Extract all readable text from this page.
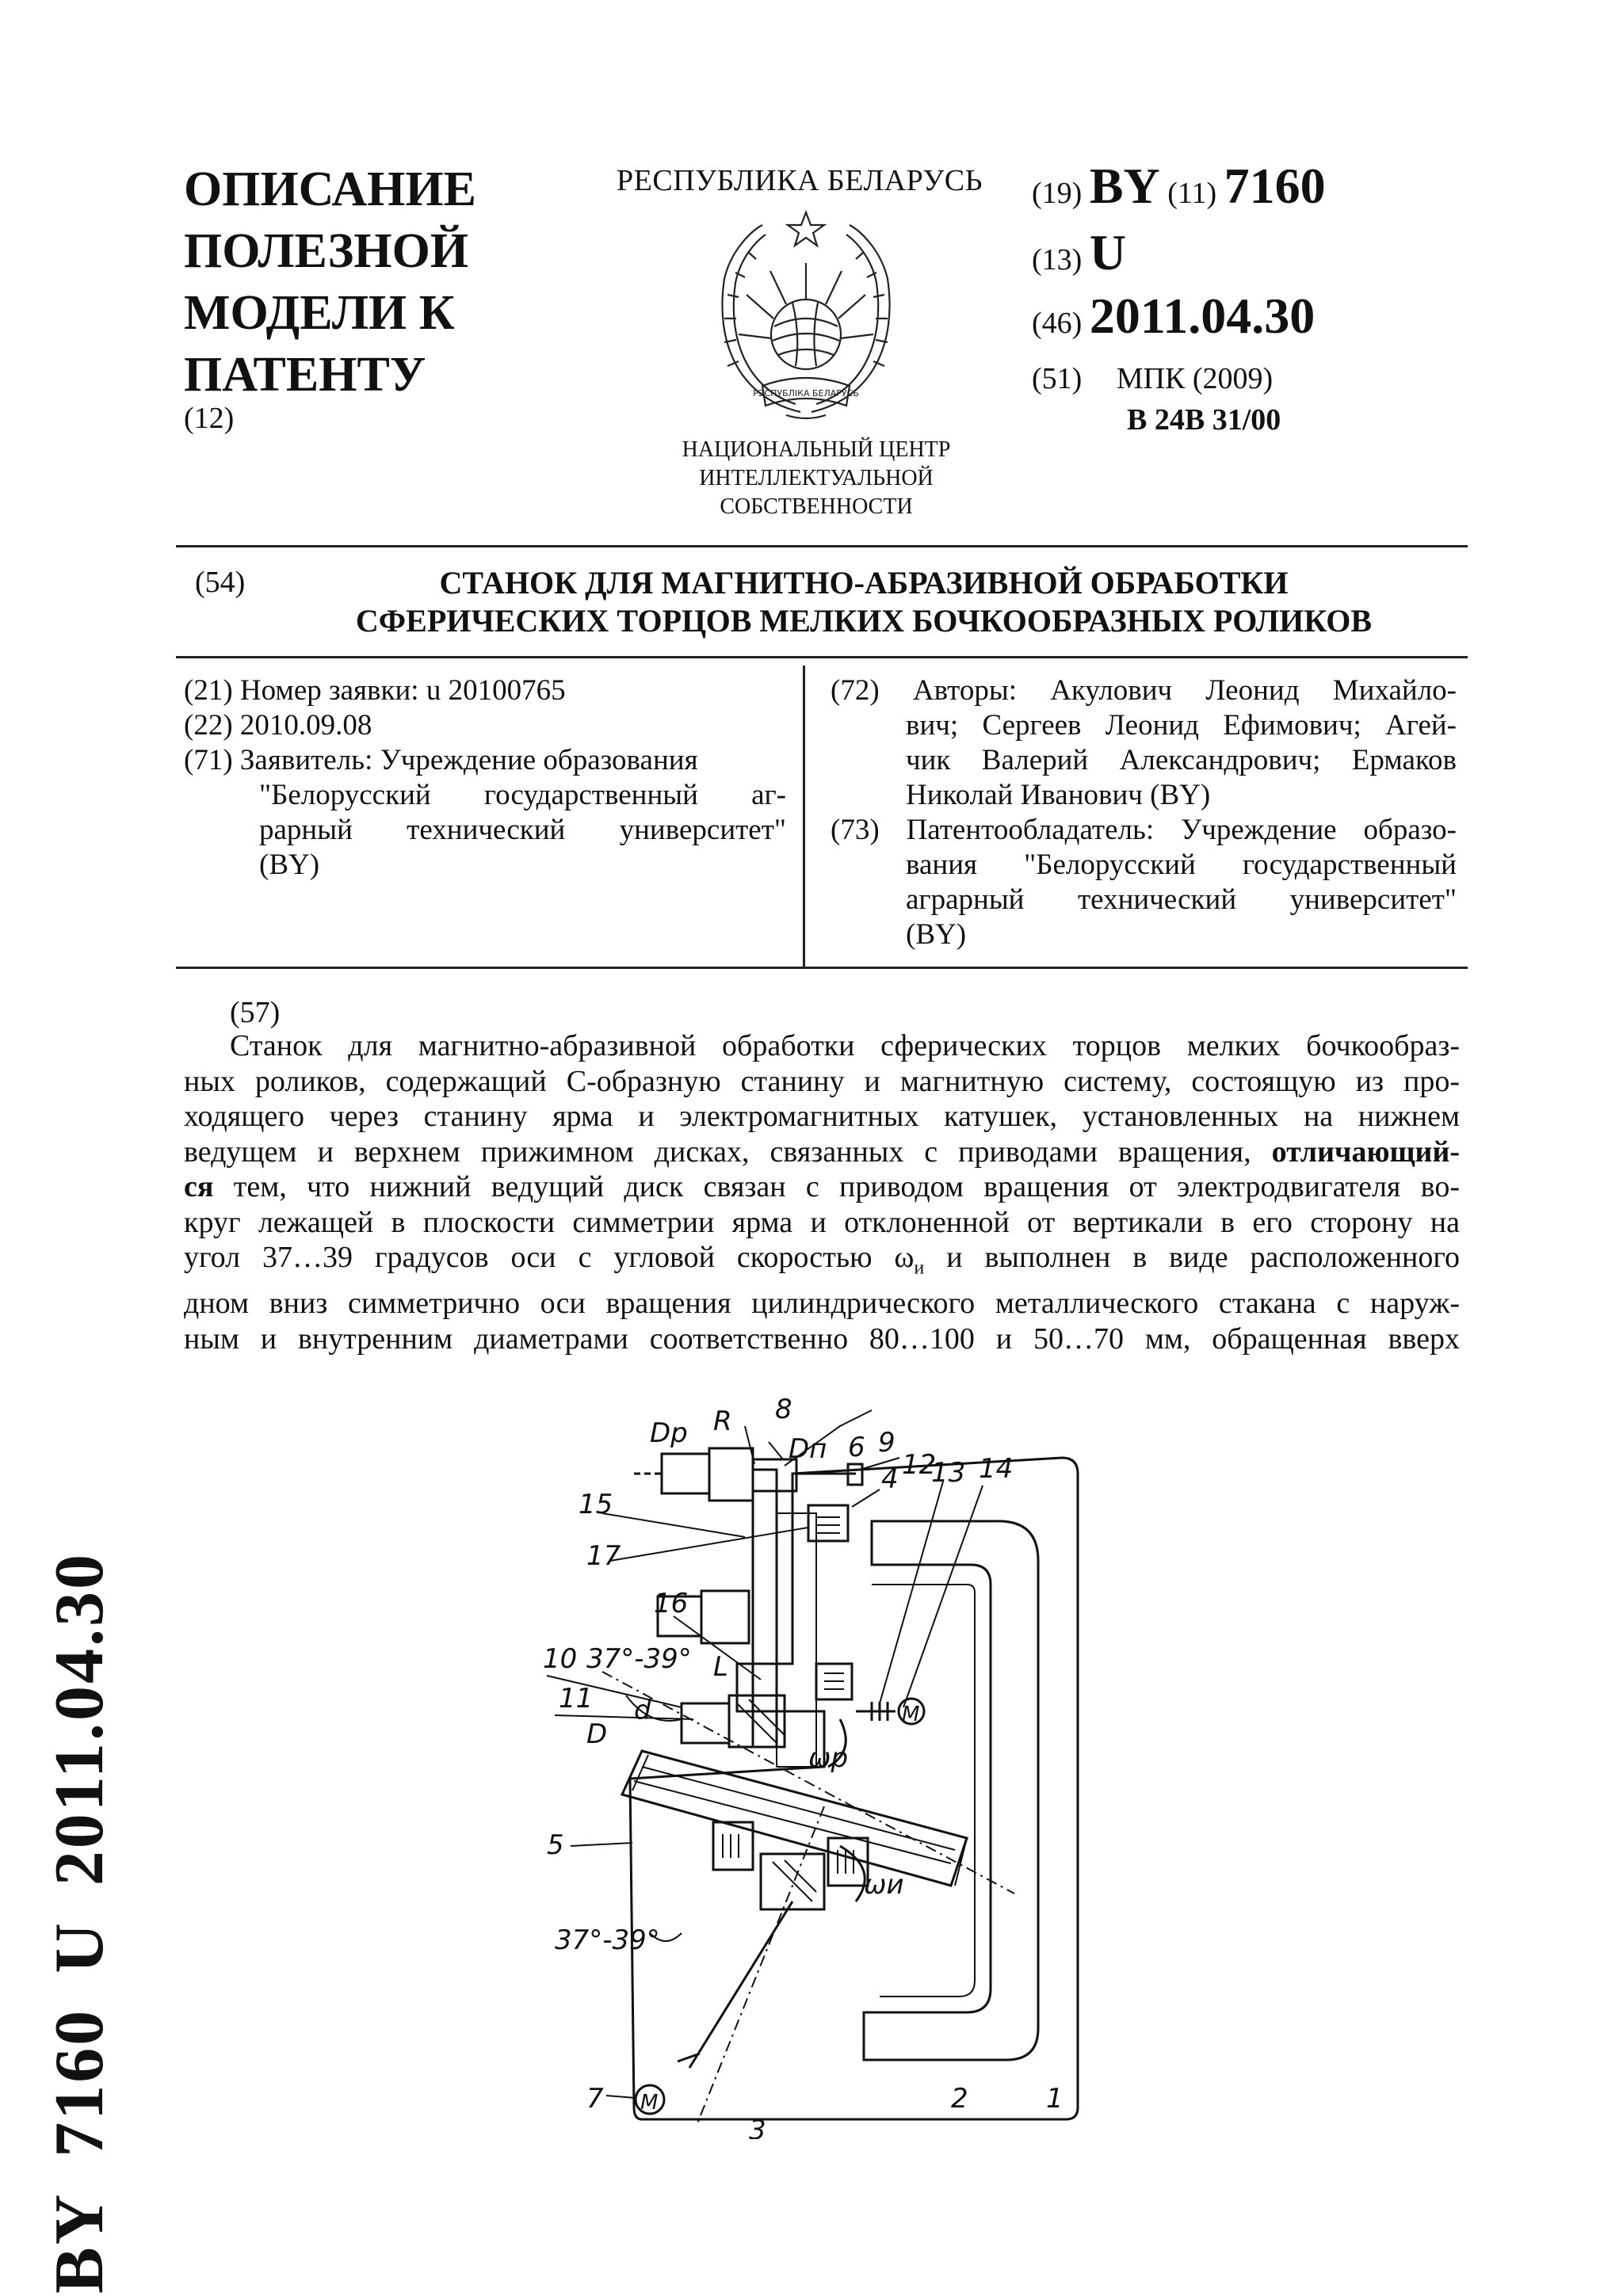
ОПИСАНИЕ
ПОЛЕЗНОЙ
МОДЕЛИ К
ПАТЕНТУ
(12)
РЕСПУБЛИКА БЕЛАРУСЬ
РЭСПУБЛІКА БЕЛАРУСЬ
НАЦИОНАЛЬНЫЙ ЦЕНТР
ИНТЕЛЛЕКТУАЛЬНОЙ
СОБСТВЕННОСТИ
(19) BY (11) 7160
(13) U
(46) 2011.04.30
(51) МПК (2009)
B 24B 31/00
(54)	СТАНОК ДЛЯ МАГНИТНО-АБРАЗИВНОЙ ОБРАБОТКИ
СФЕРИЧЕСКИХ ТОРЦОВ МЕЛКИХ БОЧКООБРАЗНЫХ РОЛИКОВ
(21) Номер заявки: u 20100765
(22) 2010.09.08
(71) Заявитель: Учреждение образования
"Белорусский государственный аг-
рарный технический университет"
(BY)
(72) Авторы: Акулович Леонид Михайло-
вич; Сергеев Леонид Ефимович; Агей-
чик Валерий Александрович; Ермаков
Николай Иванович (BY)
(73) Патентообладатель: Учреждение образо-
вания "Белорусский государственный
аграрный технический университет"
(BY)
(57)
Станок для магнитно-абразивной обработки сферических торцов мелких бочкообраз-
ных роликов, содержащий С-образную станину и магнитную систему, состоящую из про-
ходящего через станину ярма и электромагнитных катушек, установленных на нижнем
ведущем и верхнем прижимном дисках, связанных с приводами вращения, отличающий-
ся тем, что нижний ведущий диск связан с приводом вращения от электродвигателя во-
круг лежащей в плоскости симметрии ярма и отклоненной от вертикали в его сторону на
угол 37…39 градусов оси с угловой скоростью $\omega_и$ и выполнен в виде расположенного
дном вниз симметрично оси вращения цилиндрического металлического стакана с наруж-
ным и внутренним диаметрами соответственно 80…100 и 50…70 мм, обращенная вверх
BY7160U2011.04.30
1
2
3
4
5
6
7
8
9
10
11
12
13 14
15
16
17
R
Dр	Dп
D
d
L
37°-39°
37°-39°
ωр
ωи
M
M
